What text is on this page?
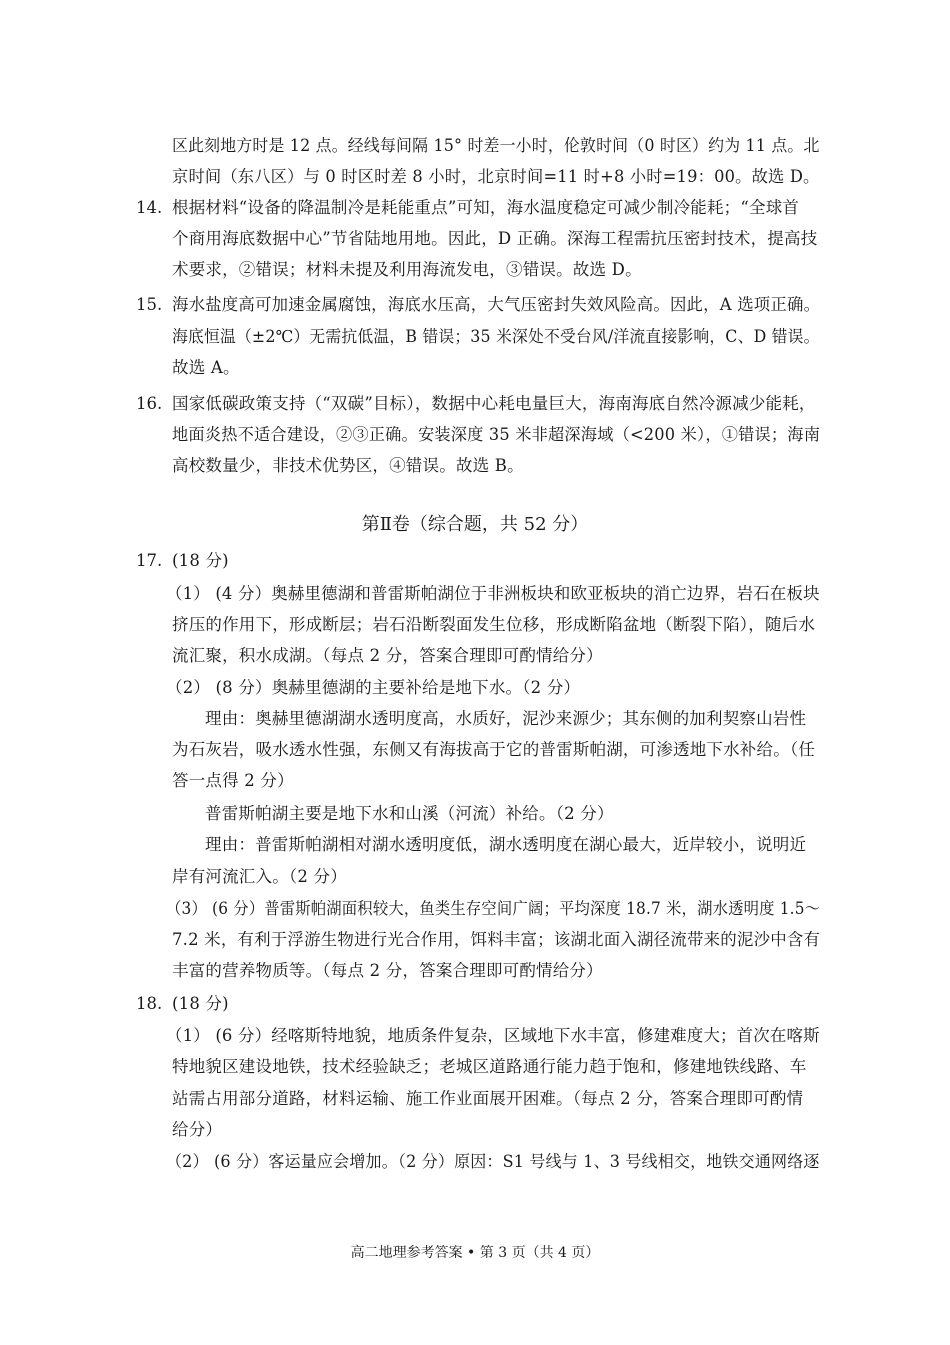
区此刻地方时是 12 点。经线每间隔 15° 时差一小时，伦敦时间（0 时区）约为 11 点。北
京时间（东八区）与 0 时区时差 8 小时，北京时间=11 时+8 小时=19：00。故选 D。
14. 根据材料“设备的降温制冷是耗能重点”可知，海水温度稳定可减少制冷能耗；“全球首
个商用海底数据中心”节省陆地用地。因此，D 正确。深海工程需抗压密封技术，提高技
术要求，②错误；材料未提及利用海流发电，③错误。故选 D。
15. 海水盐度高可加速金属腐蚀，海底水压高，大气压密封失效风险高。因此，A 选项正确。
海底恒温（±2℃）无需抗低温，B 错误；35 米深处不受台风/洋流直接影响，C、D 错误。
故选 A。
16. 国家低碳政策支持（“双碳”目标），数据中心耗电量巨大，海南海底自然冷源减少能耗，
地面炎热不适合建设，②③正确。安装深度 35 米非超深海域（<200 米），①错误；海南
高校数量少，非技术优势区，④错误。故选 B。
第Ⅱ卷（综合题，共 52 分）
17. (18 分)
（1） (4 分）奥赫里德湖和普雷斯帕湖位于非洲板块和欧亚板块的消亡边界，岩石在板块
挤压的作用下，形成断层；岩石沿断裂面发生位移，形成断陷盆地（断裂下陷），随后水
流汇聚，积水成湖。（每点 2 分，答案合理即可酌情给分）
（2） (8 分）奥赫里德湖的主要补给是地下水。（2 分）
理由：奥赫里德湖湖水透明度高，水质好，泥沙来源少；其东侧的加利契察山岩性
为石灰岩，吸水透水性强，东侧又有海拔高于它的普雷斯帕湖，可渗透地下水补给。（任
答一点得 2 分）
普雷斯帕湖主要是地下水和山溪（河流）补给。（2 分）
理由：普雷斯帕湖相对湖水透明度低，湖水透明度在湖心最大，近岸较小，说明近
岸有河流汇入。（2 分）
（3） (6 分）普雷斯帕湖面积较大，鱼类生存空间广阔；平均深度 18.7 米，湖水透明度 1.5～
7.2 米，有利于浮游生物进行光合作用，饵料丰富；该湖北面入湖径流带来的泥沙中含有
丰富的营养物质等。（每点 2 分，答案合理即可酌情给分）
18. (18 分)
（1） (6 分）经喀斯特地貌，地质条件复杂，区域地下水丰富，修建难度大；首次在喀斯
特地貌区建设地铁，技术经验缺乏；老城区道路通行能力趋于饱和，修建地铁线路、车
站需占用部分道路，材料运输、施工作业面展开困难。（每点 2 分，答案合理即可酌情
给分）
（2） (6 分）客运量应会增加。（2 分）原因：S1 号线与 1、3 号线相交，地铁交通网络逐
高二地理参考答案 • 第 3 页（共 4 页）
